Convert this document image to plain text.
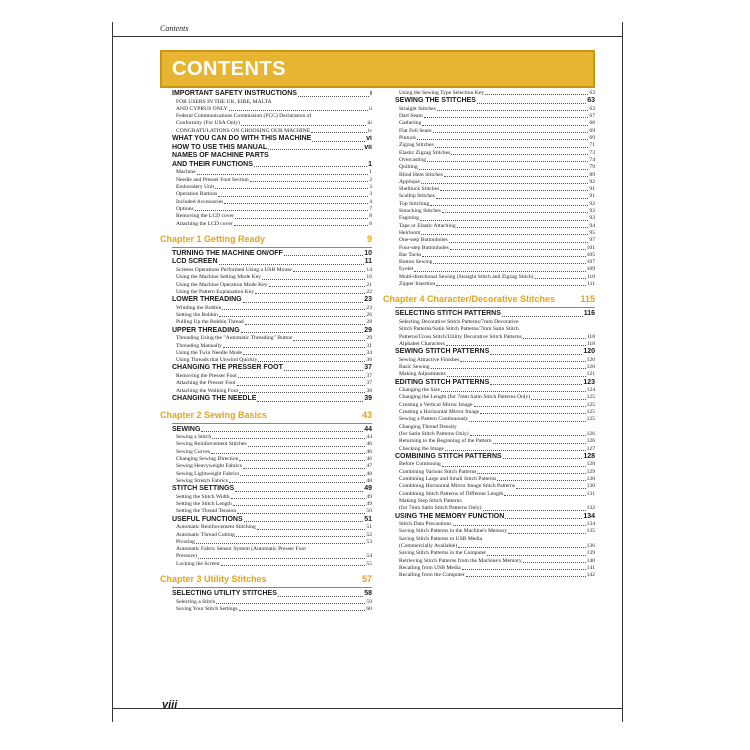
Contents
CONTENTS
IMPORTANT SAFETY INSTRUCTIONS	i
FOR USERS IN THE UK, EIRE, MALTA
AND CYPRUS ONLY	ii
Federal Communications Commission (FCC) Declaration of
Conformity (For USA Only)	iii
CONGRATULATIONS ON CHOOSING OUR MACHINE	iv
WHAT YOU CAN DO WITH THIS MACHINE	vi
HOW TO USE THIS MANUAL	vii
NAMES OF MACHINE PARTS
AND THEIR FUNCTIONS	1
Machine	1
Needle and Presser Foot Section	2
Embroidery Unit	3
Operation Buttons	3
Included Accessories	4
Options	7
Removing the LCD cover	8
Attaching the LCD cover	8
Chapter 1 Getting Ready	9
TURNING THE MACHINE ON/OFF	10
LCD SCREEN	11
Screens Operations Performed Using a USB Mouse	14
Using the Machine Setting Mode Key	16
Using the Machine Operation Mode Key	21
Using the Pattern Explanation Key	22
LOWER THREADING	23
Winding the Bobbin	23
Setting the Bobbin	26
Pulling Up the Bobbin Thread	28
UPPER THREADING	29
Threading Using the "Automatic Threading" Button	29
Threading Manually	31
Using the Twin Needle Mode	34
Using Threads that Unwind Quickly	36
CHANGING THE PRESSER FOOT	37
Removing the Presser Foot	37
Attaching the Presser Foot	37
Attaching the Walking Foot	38
CHANGING THE NEEDLE	39
Chapter 2 Sewing Basics	43
SEWING	44
Sewing a Stitch	44
Sewing Reinforcement Stitches	46
Sewing Curves	46
Changing Sewing Direction	46
Sewing Heavyweight Fabrics	47
Sewing Lightweight Fabrics	48
Sewing Stretch Fabrics	48
STITCH SETTINGS	49
Setting the Stitch Width	49
Setting the Stitch Length	49
Setting the Thread Tension	50
USEFUL FUNCTIONS	51
Automatic Reinforcement Stitching	51
Automatic Thread Cutting	52
Pivoting	53
Automatic Fabric Sensor System (Automatic Presser Foot
Pressure)	54
Locking the Screen	55
Chapter 3 Utility Stitches	57
SELECTING UTILITY STITCHES	58
Selecting a Stitch	59
Saving Your Stitch Settings	60
Using the Sewing Type Selection Key	63
SEWING THE STITCHES	63
Straight Stitches	63
Dart Seam	67
Gathering	68
Flat Fell Seam	69
Pintuck	69
Zigzag Stitches	71
Elastic Zigzag Stitches	73
Overcasting	74
Quilting	79
Blind Hem Stitches	89
Appliqué	92
Shelltuck Stitches	91
Scallop Stitches	91
Top Stitching	92
Smocking Stitches	93
Fagoting	93
Tape or Elastic Attaching	94
Heirloom	95
One-step Buttonholes	97
Four-step Buttonholes	101
Bar Tacks	105
Button Sewing	107
Eyelet	109
Multi-directional Sewing (Straight Stitch and Zigzag Stitch)	110
Zipper Insertion	111
Chapter 4 Character/Decorative Stitches	115
SELECTING STITCH PATTERNS	116
Selecting Decorative Stitch Patterns/7mm Decorative
Stitch Patterns/Satin Stitch Patterns/7mm Satin Stitch
Patterns/Cross Stitch/Utility Decorative Stitch Patterns	118
Alphabet Characters	118
SEWING STITCH PATTERNS	120
Sewing Attractive Finishes	120
Basic Sewing	120
Making Adjustments	121
EDITING STITCH PATTERNS	123
Changing the Size	124
Changing the Length (for 7mm Satin Stitch Patterns Only)	125
Creating a Vertical Mirror Image	125
Creating a Horizontal Mirror Image	125
Sewing a Pattern Continuously	125
Changing Thread Density
(for Satin Stitch Patterns Only)	126
Returning to the Beginning of the Pattern	126
Checking the Image	127
COMBINING STITCH PATTERNS	128
Before Combining	128
Combining Various Stitch Patterns	129
Combining Large and Small Stitch Patterns	130
Combining Horizontal Mirror Image Stitch Patterns	130
Combining Stitch Patterns of Different Length	131
Making Step Stitch Patterns
(for 7mm Satin Stitch Patterns Only)	132
USING THE MEMORY FUNCTION	134
Stitch Data Precautions	134
Saving Stitch Patterns in the Machine's Memory	135
Saving Stitch Patterns to USB Media
(Commercially Available)	136
Saving Stitch Patterns in the Computer	139
Retrieving Stitch Patterns from the Machine's Memory	140
Recalling from USB Media	141
Recalling from the Computer	142
viii
